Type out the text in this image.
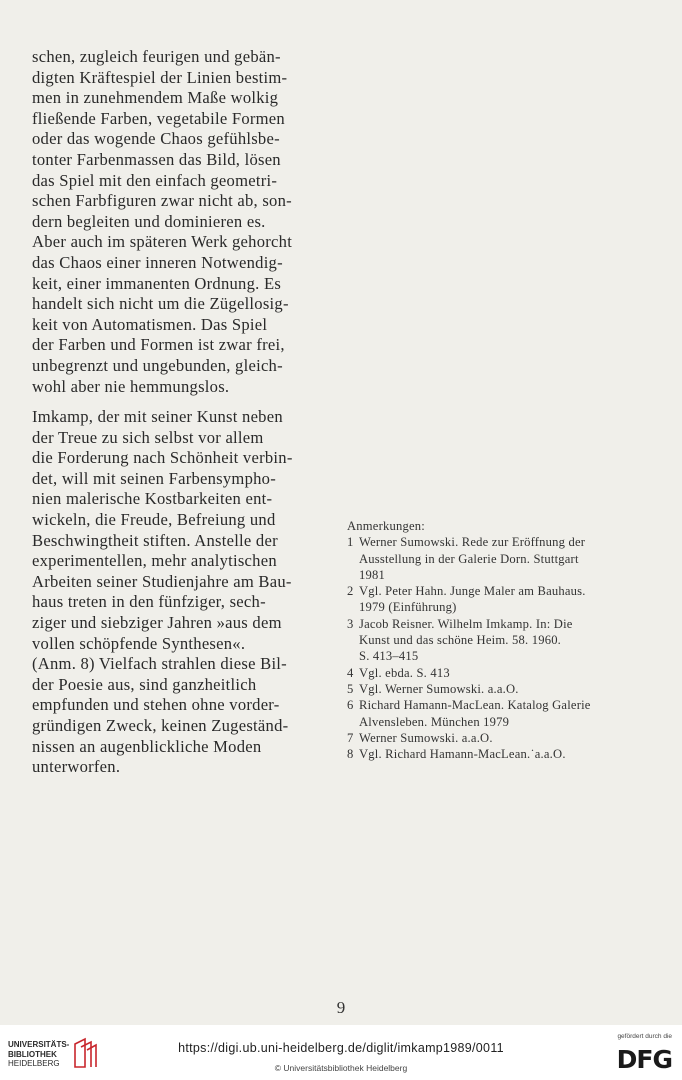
schen, zugleich feurigen und gebän-
digten Kräftespiel der Linien bestim-
men in zunehmendem Maße wolkig
fließende Farben, vegetabile Formen
oder das wogende Chaos gefühlsbe-
tonter Farbenmassen das Bild, lösen
das Spiel mit den einfach geometri-
schen Farbfiguren zwar nicht ab, son-
dern begleiten und dominieren es.
Aber auch im späteren Werk gehorcht
das Chaos einer inneren Notwendig-
keit, einer immanenten Ordnung. Es
handelt sich nicht um die Zügellosig-
keit von Automatismen. Das Spiel
der Farben und Formen ist zwar frei,
unbegrenzt und ungebunden, gleich-
wohl aber nie hemmungslos.
Imkamp, der mit seiner Kunst neben
der Treue zu sich selbst vor allem
die Forderung nach Schönheit verbin-
det, will mit seinen Farbensympho-
nien malerische Kostbarkeiten ent-
wickeln, die Freude, Befreiung und
Beschwingtheit stiften. Anstelle der
experimentellen, mehr analytischen
Arbeiten seiner Studienjahre am Bau-
haus treten in den fünfziger, sech-
ziger und siebziger Jahren »aus dem
vollen schöpfende Synthesen«.
(Anm. 8) Vielfach strahlen diese Bil-
der Poesie aus, sind ganzheitlich
empfunden und stehen ohne vorder-
gründigen Zweck, keinen Zugeständ-
nissen an augenblickliche Moden
unterworfen.
Anmerkungen:
1 Werner Sumowski. Rede zur Eröffnung der
Ausstellung in der Galerie Dorn. Stuttgart
1981
2 Vgl. Peter Hahn. Junge Maler am Bauhaus.
1979 (Einführung)
3 Jacob Reisner. Wilhelm Imkamp. In: Die
Kunst und das schöne Heim. 58. 1960.
S. 413–415
4 Vgl. ebda. S. 413
5 Vgl. Werner Sumowski. a.a.O.
6 Richard Hamann-MacLean. Katalog Galerie
Alvensleben. München 1979
7 Werner Sumowski. a.a.O.
8 Vgl. Richard Hamann-MacLean.˙a.a.O.
9
UNIVERSITÄTS-
BIBLIOTHEK
HEIDELBERG
https://digi.ub.uni-heidelberg.de/diglit/imkamp1989/0011
© Universitätsbibliothek Heidelberg
gefördert durch die
DFG
